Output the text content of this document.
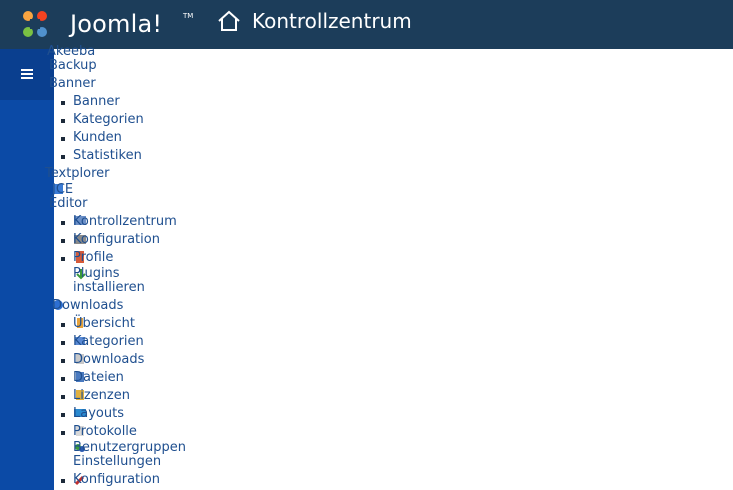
Joomla!	TM	Kontrollzentrum
Akeeba
Backup
Banner
Banner
Kategorien
Kunden
Statistiken
Textplorer
JCE
Editor
Kontrollzentrum
Konfiguration
Profile
Plugins
installieren
Downloads
Übersicht
Kategorien
Downloads
Dateien
Lizenzen
Layouts
Protokolle
Benutzergruppen
Einstellungen
Konfiguration
